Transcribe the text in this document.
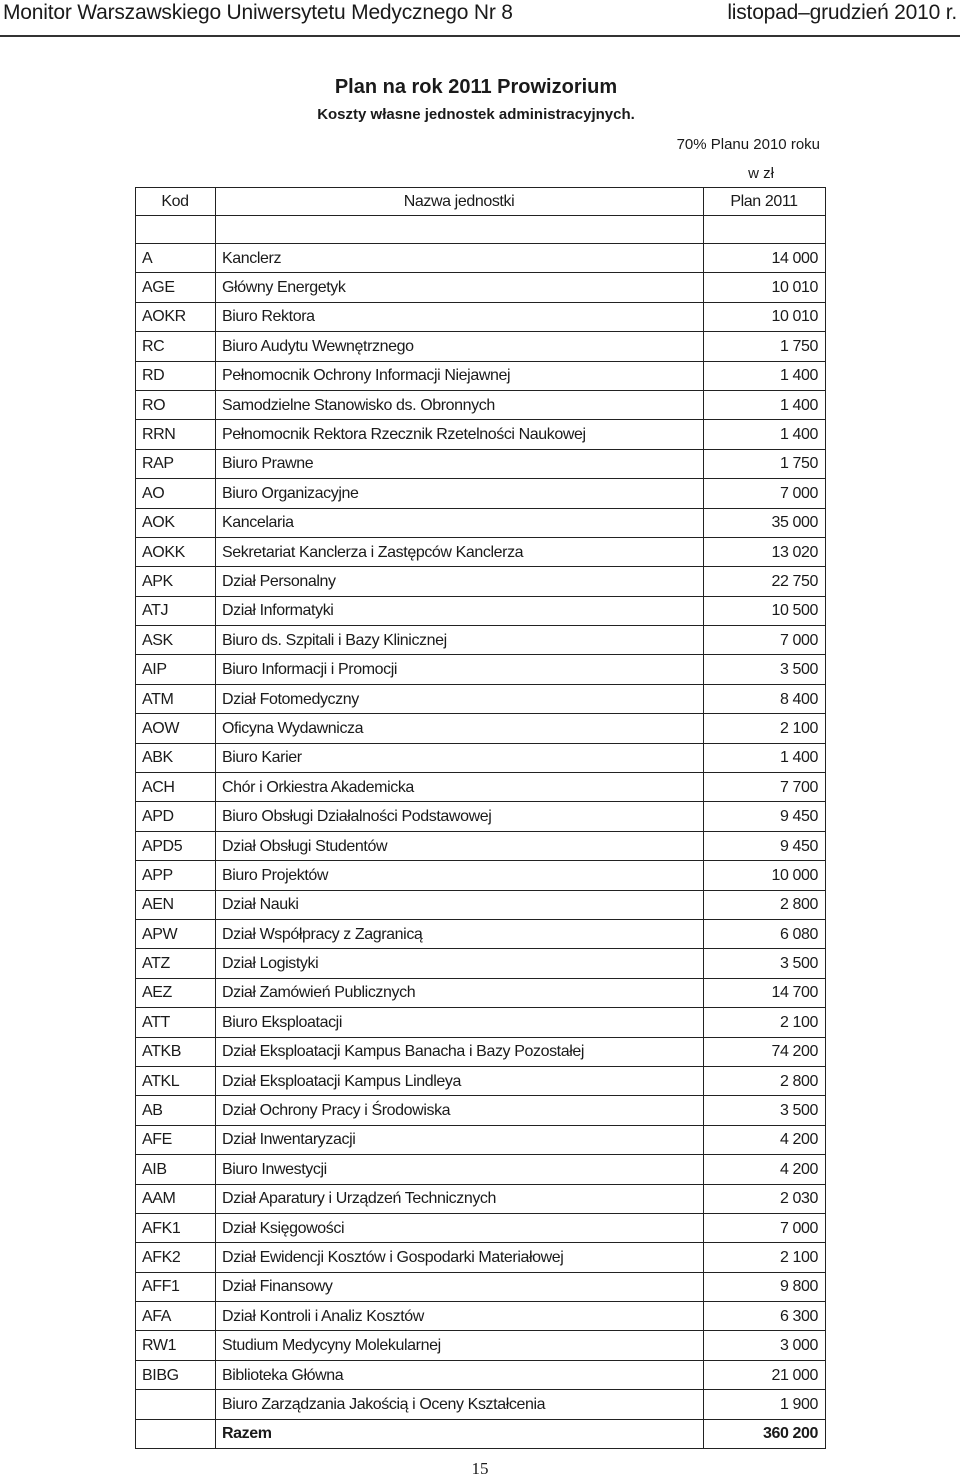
Monitor Warszawskiego Uniwersytetu Medycznego Nr 8	listopad–grudzień 2010 r.
Plan na rok 2011 Prowizorium
Koszty własne jednostek administracyjnych.
70% Planu 2010 roku
w zł
Kod	Nazwa jednostki	Plan 2011

A	Kanclerz	14 000
AGE	Główny Energetyk	10 010
AOKR	Biuro Rektora	10 010
RC	Biuro Audytu Wewnętrznego	1 750
RD	Pełnomocnik Ochrony Informacji Niejawnej	1 400
RO	Samodzielne Stanowisko ds. Obronnych	1 400
RRN	Pełnomocnik Rektora Rzecznik Rzetelności Naukowej	1 400
RAP	Biuro Prawne	1 750
AO	Biuro Organizacyjne	7 000
AOK	Kancelaria	35 000
AOKK	Sekretariat Kanclerza i Zastępców Kanclerza	13 020
APK	Dział Personalny	22 750
ATJ	Dział Informatyki	10 500
ASK	Biuro ds. Szpitali i Bazy Klinicznej	7 000
AIP	Biuro Informacji i Promocji	3 500
ATM	Dział Fotomedyczny	8 400
AOW	Oficyna Wydawnicza	2 100
ABK	Biuro Karier	1 400
ACH	Chór i Orkiestra Akademicka	7 700
APD	Biuro Obsługi Działalności Podstawowej	9 450
APD5	Dział Obsługi Studentów	9 450
APP	Biuro Projektów	10 000
AEN	Dział Nauki	2 800
APW	Dział Współpracy z Zagranicą	6 080
ATZ	Dział Logistyki	3 500
AEZ	Dział Zamówień Publicznych	14 700
ATT	Biuro Eksploatacji	2 100
ATKB	Dział Eksploatacji Kampus Banacha i Bazy Pozostałej	74 200
ATKL	Dział Eksploatacji Kampus Lindleya	2 800
AB	Dział Ochrony Pracy i Środowiska	3 500
AFE	Dział Inwentaryzacji	4 200
AIB	Biuro Inwestycji	4 200
AAM	Dział Aparatury i Urządzeń Technicznych	2 030
AFK1	Dział Księgowości	7 000
AFK2	Dział Ewidencji Kosztów i Gospodarki Materiałowej	2 100
AFF1	Dział Finansowy	9 800
AFA	Dział Kontroli i Analiz Kosztów	6 300
RW1	Studium Medycyny Molekularnej	3 000
BIBG	Biblioteka Główna	21 000
	Biuro Zarządzania Jakością i Oceny Kształcenia	1 900
	Razem	360 200
15
